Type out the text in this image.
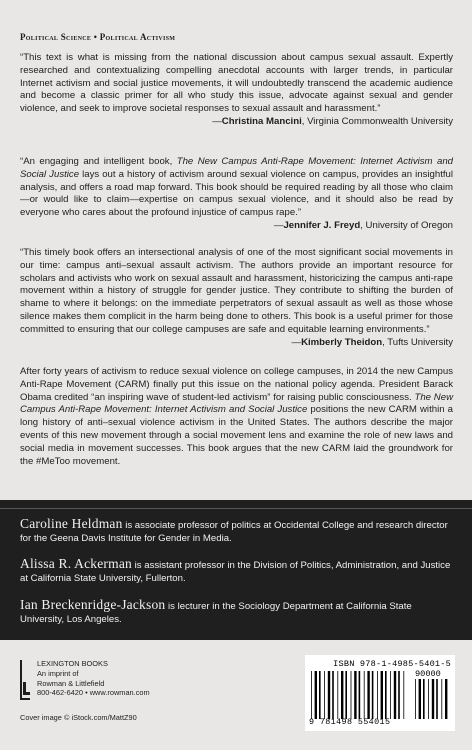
Political Science • Political Activism
“This text is what is missing from the national discussion about campus sexual assault. Expertly researched and contextualizing compelling anecdotal accounts with larger trends, in particular Internet activism and social justice movements, it will undoubtedly transcend the academic audience and become a classic primer for all who study this issue, advocate against sexual and gender violence, and seek to improve societal responses to sexual assault and harassment.”
—Christina Mancini, Virginia Commonwealth University
“An engaging and intelligent book, The New Campus Anti-Rape Movement: Internet Activism and Social Justice lays out a history of activism around sexual violence on campus, provides an insightful analysis, and offers a road map forward. This book should be required reading by all those who claim—or would like to claim—expertise on campus sexual violence, and it should also be read by everyone who cares about the profound injustice of campus rape.”
—Jennifer J. Freyd, University of Oregon
“This timely book offers an intersectional analysis of one of the most significant social movements in our time: campus anti–sexual assault activism. The authors provide an important resource for scholars and activists who work on sexual assault and harassment, historicizing the campus anti-rape movement within a history of struggle for gender justice. They contribute to shifting the burden of shame to where it belongs: on the immediate perpetrators of sexual assault as well as those whose silence makes them complicit in the harm being done to others. This book is a useful primer for those committed to ensuring that our college campuses are safe and equitable learning environments.”
—Kimberly Theidon, Tufts University
After forty years of activism to reduce sexual violence on college campuses, in 2014 the new Campus Anti-Rape Movement (CARM) finally put this issue on the national policy agenda. President Barack Obama credited “an inspiring wave of student-led activism” for raising public consciousness. The New Campus Anti-Rape Movement: Internet Activism and Social Justice positions the new CARM within a long history of anti–sexual violence activism in the United States. The authors describe the major events of this new movement through a social movement lens and examine the role of new laws and social media in movement successes. This book argues that the new CARM laid the groundwork for the #MeToo movement.
Caroline Heldman is associate professor of politics at Occidental College and research director for the Geena Davis Institute for Gender in Media.
Alissa R. Ackerman is assistant professor in the Division of Politics, Administration, and Justice at California State University, Fullerton.
Ian Breckenridge-Jackson is lecturer in the Sociology Department at California State University, Los Angeles.
LEXINGTON BOOKS
An imprint of
Rowman & Littlefield
800-462-6420 • www.rowman.com
Cover image © iStock.com/MattZ90
ISBN 978-1-4985-5401-5
90000
9 781498 554015
